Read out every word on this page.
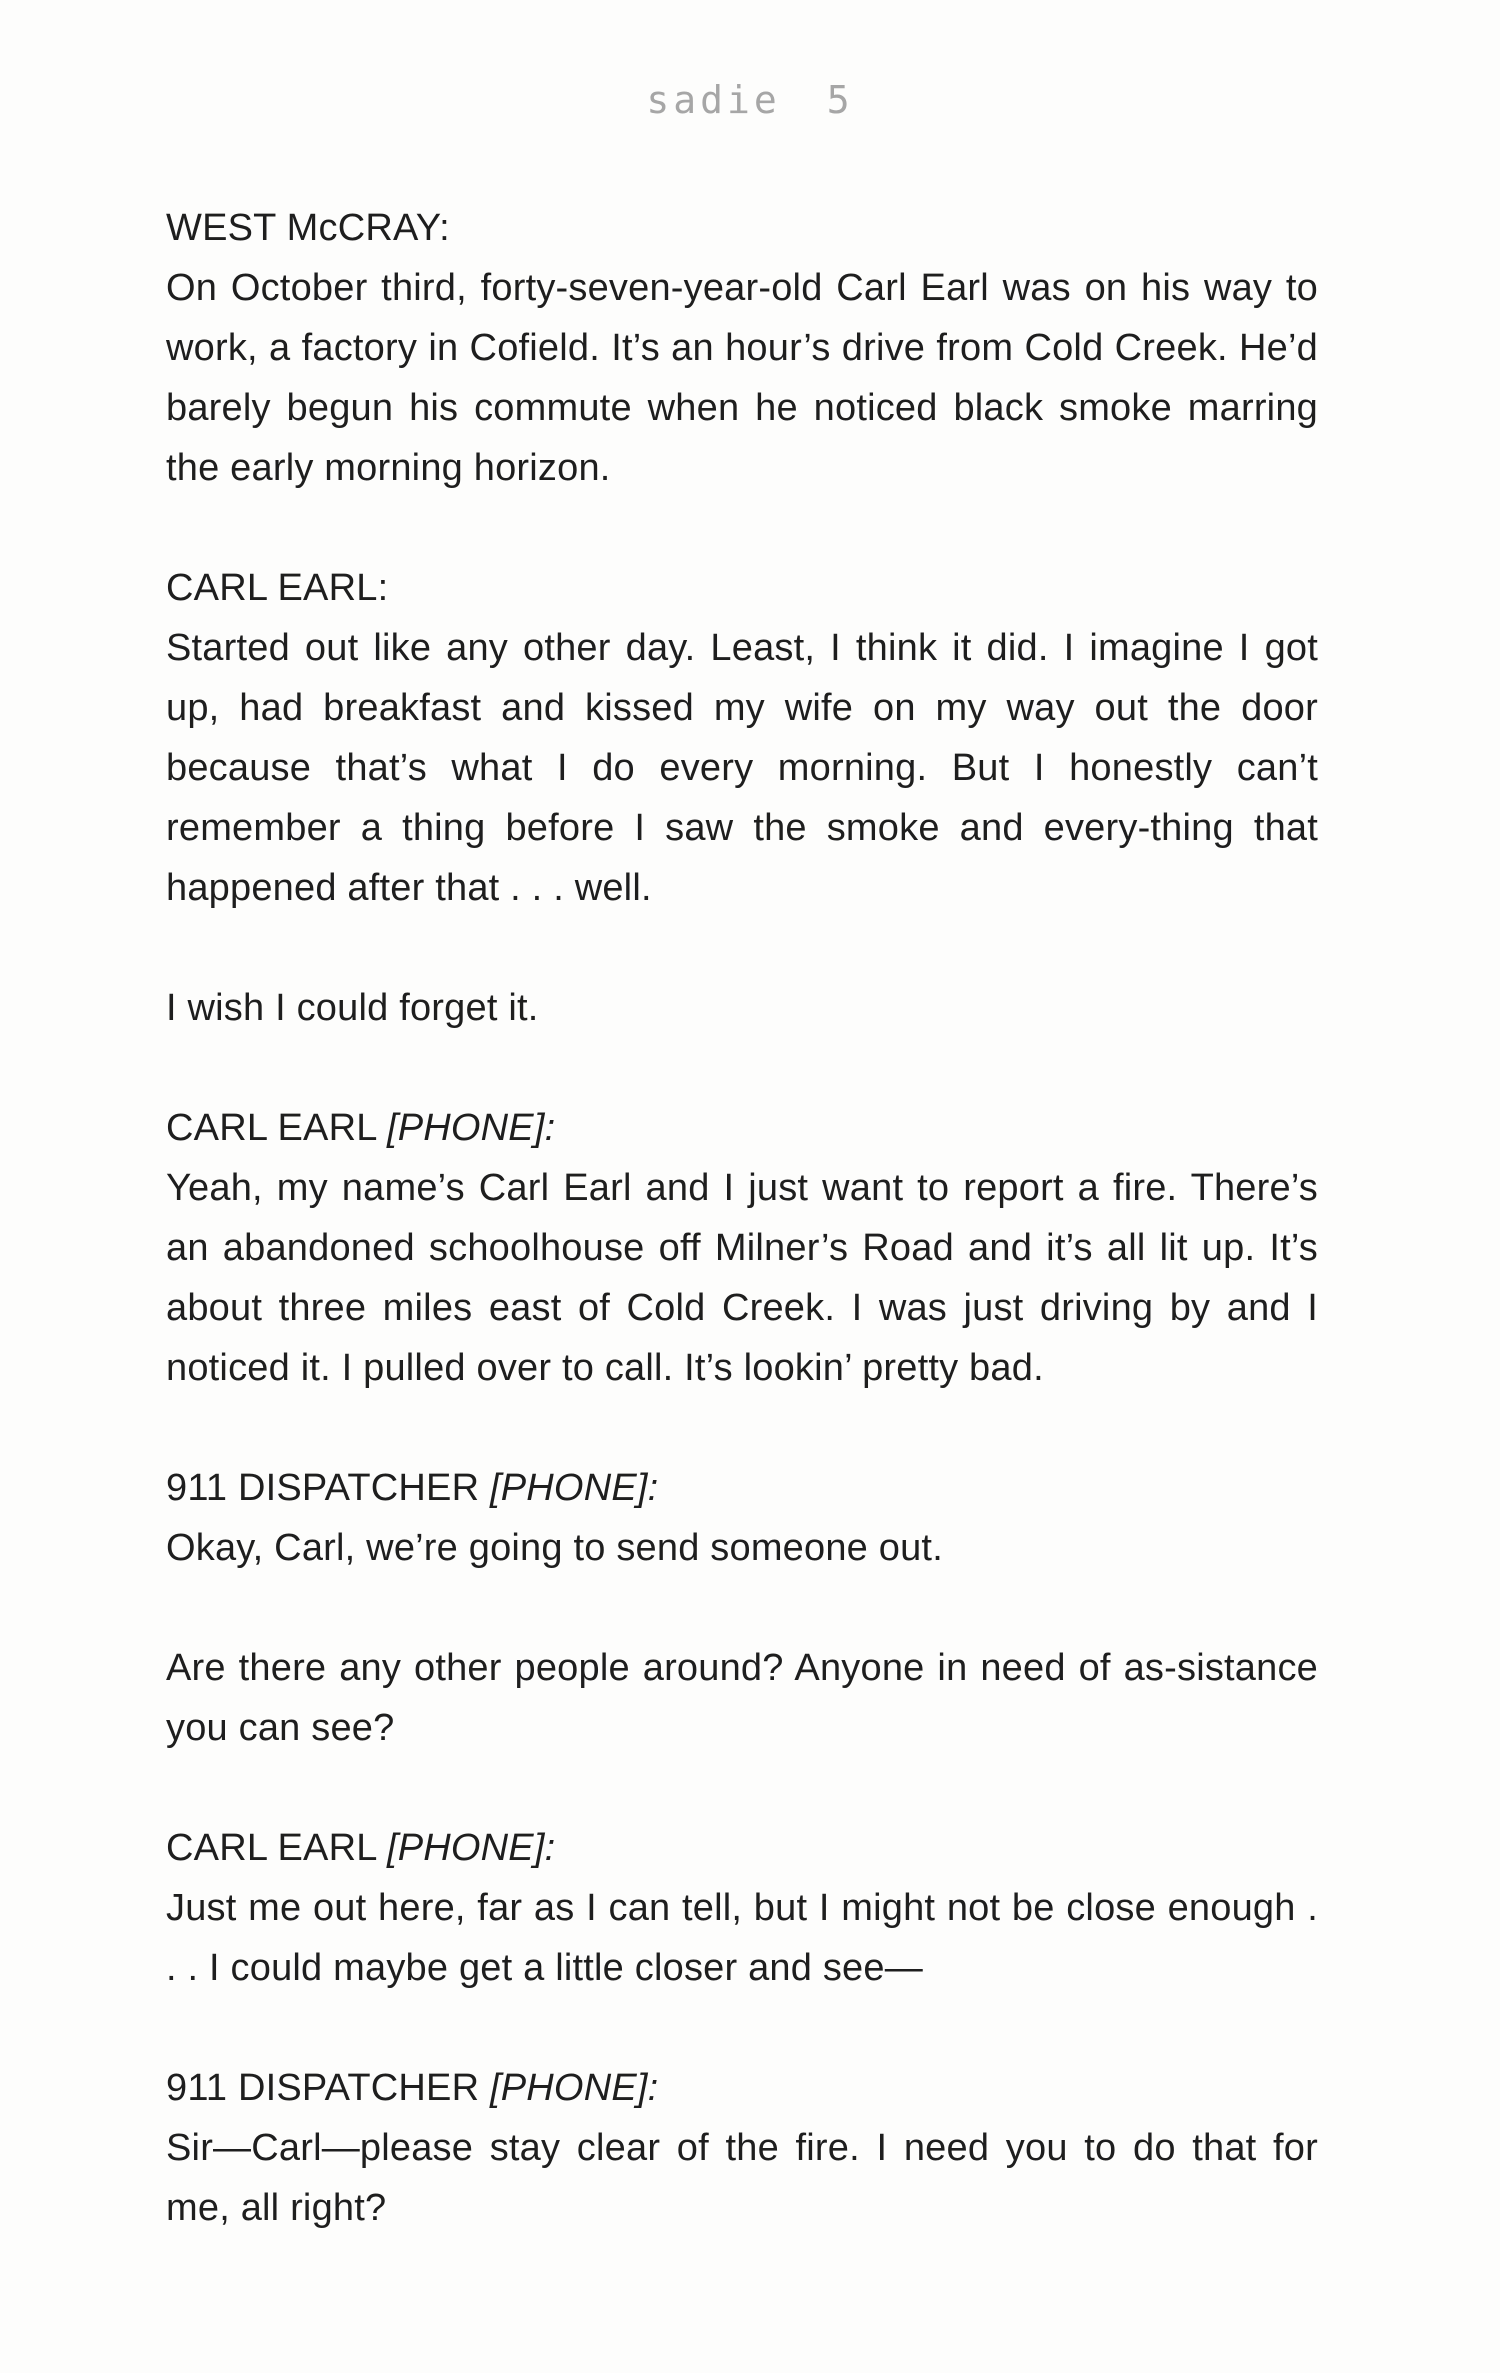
sadie 5

WEST McCRAY:

On October third, forty-seven-year-old Carl Earl was on his way to work, a factory in Cofield. It’s an hour’s drive from Cold Creek. He’d barely begun his commute when he noticed black smoke marring the early morning horizon.

CARL EARL:

Started out like any other day. Least, I think it did. I imagine I got up, had breakfast and kissed my wife on my way out the door because that’s what I do every morning. But I honestly can’t remember a thing before I saw the smoke and every-thing that happened after that . . . well.

I wish I could forget it.

CARL EARL [PHONE]:

Yeah, my name’s Carl Earl and I just want to report a fire. There’s an abandoned schoolhouse off Milner’s Road and it’s all lit up. It’s about three miles east of Cold Creek. I was just driving by and I noticed it. I pulled over to call. It’s lookin’ pretty bad.

911 DISPATCHER [PHONE]:

Okay, Carl, we’re going to send someone out.

Are there any other people around? Anyone in need of as-sistance you can see?

CARL EARL [PHONE]:

Just me out here, far as I can tell, but I might not be close enough . . . I could maybe get a little closer and see—

911 DISPATCHER [PHONE]:

Sir—Carl—please stay clear of the fire. I need you to do that for me, all right?
